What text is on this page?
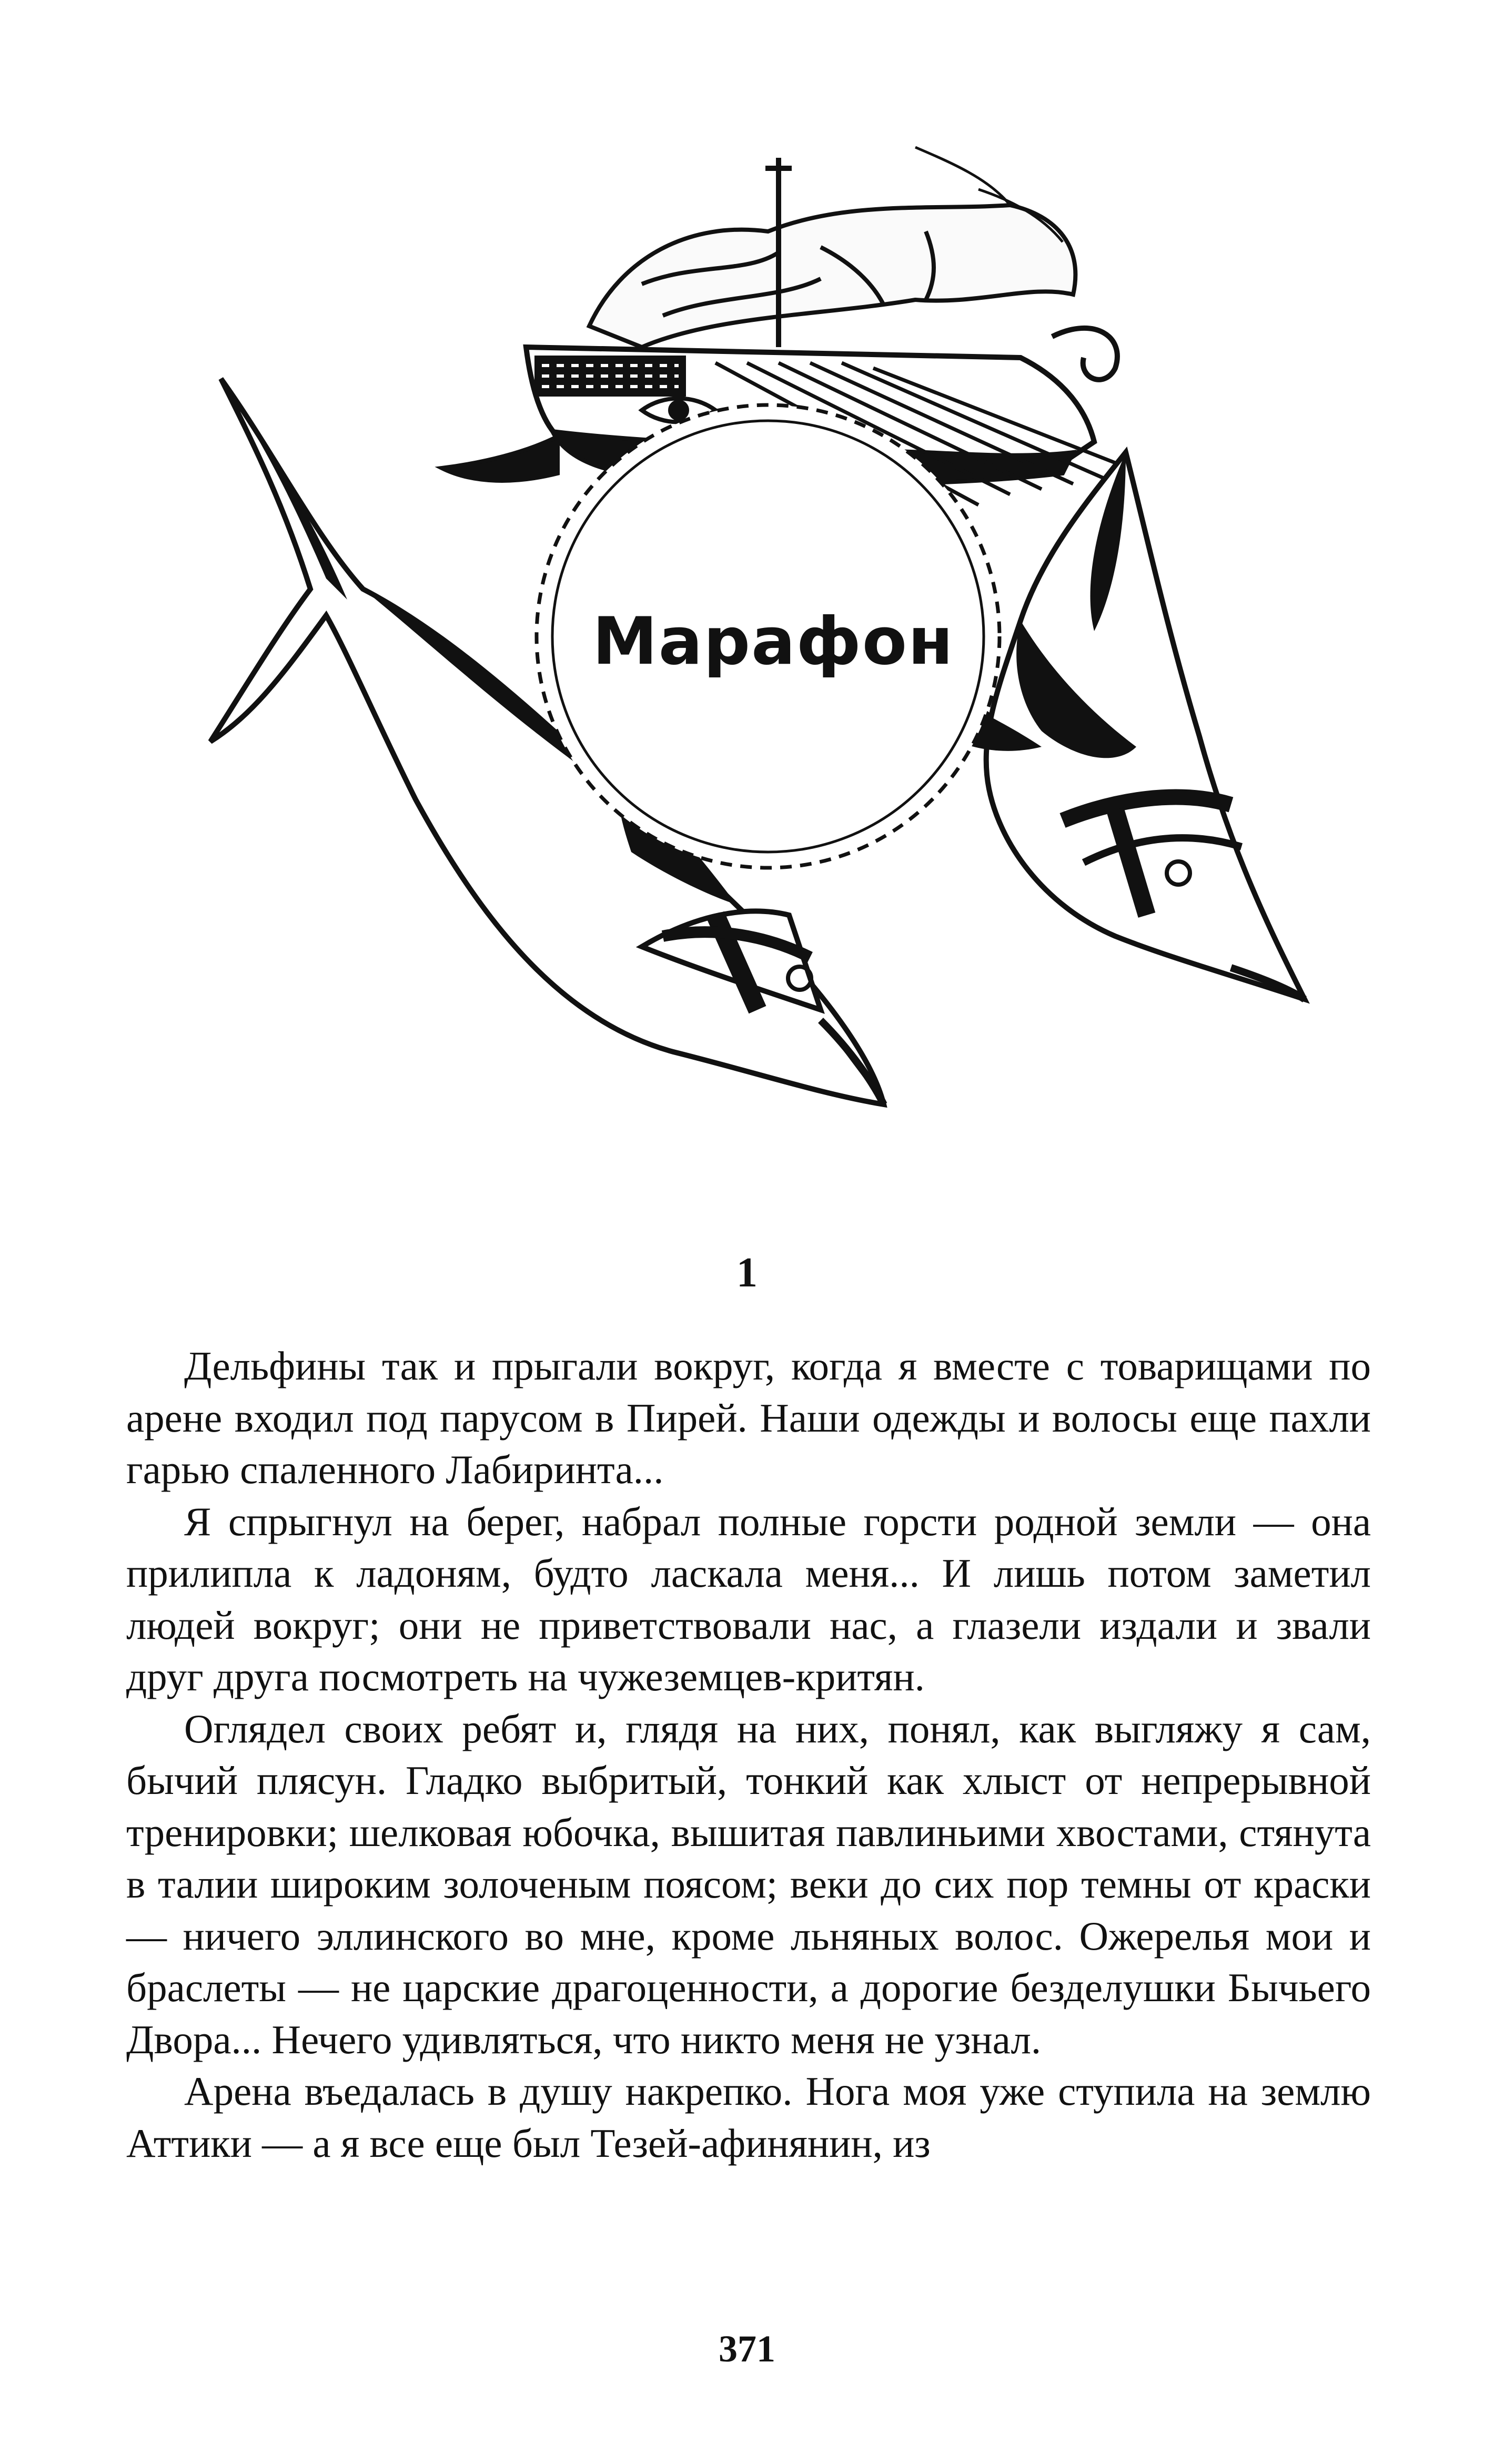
Марафон
1

Дельфины так и прыгали вокруг, когда я вместе с товарищами по арене входил под парусом в Пирей. Наши одежды и волосы еще пахли гарью спаленного Лабиринта...

Я спрыгнул на берег, набрал полные горсти родной земли — она прилипла к ладоням, будто ласкала меня... И лишь потом заметил людей вокруг; они не приветствовали нас, а глазели издали и звали друг друга посмотреть на чужеземцев-критян.

Оглядел своих ребят и, глядя на них, понял, как выгляжу я сам, бычий плясун. Гладко выбритый, тонкий как хлыст от непрерывной тренировки; шелковая юбочка, вышитая павлиньими хвостами, стянута в талии широким золоченым поясом; веки до сих пор темны от краски — ничего эллинского во мне, кроме льняных волос. Ожерелья мои и браслеты — не царские драгоценности, а дорогие безделушки Бычьего Двора... Нечего удивляться, что никто меня не узнал.

Арена въедалась в душу накрепко. Нога моя уже ступила на землю Аттики — а я все еще был Тезей-афинянин, из

371
